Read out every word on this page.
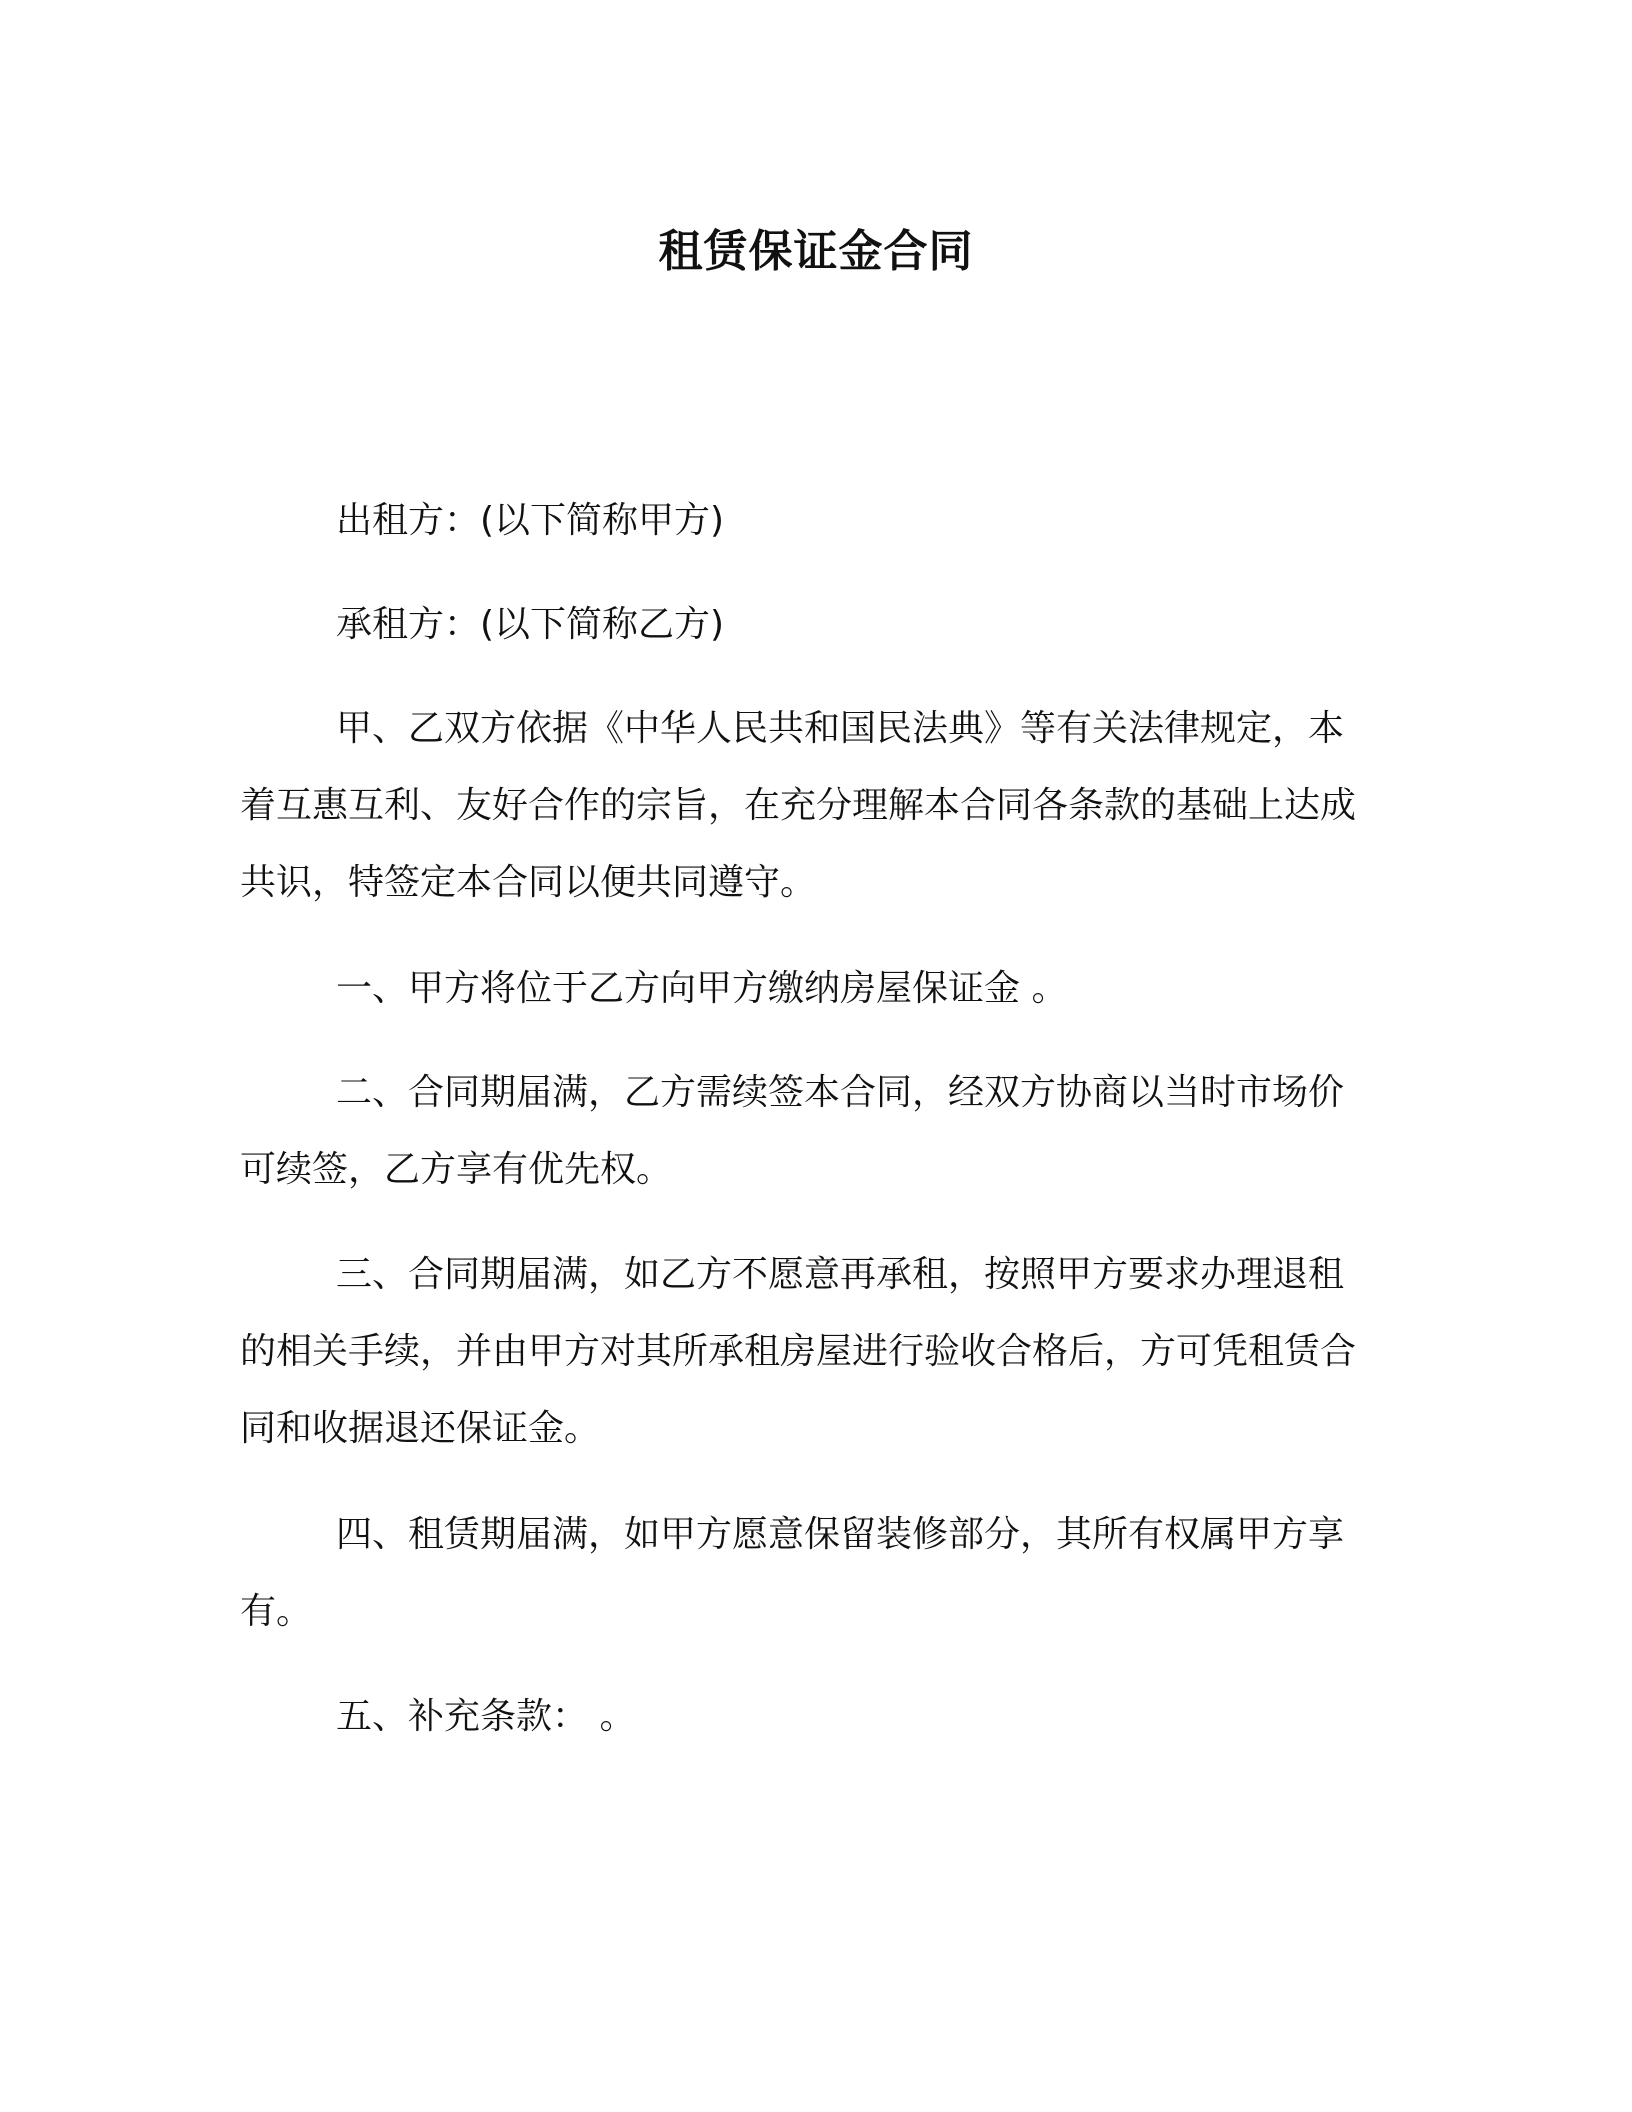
租赁保证金合同

出租方：(以下简称甲方)

承租方：(以下简称乙方)

甲、乙双方依据《中华人民共和国民法典》等有关法律规定，本着互惠互利、友好合作的宗旨，在充分理解本合同各条款的基础上达成共识，特签定本合同以便共同遵守。

一、甲方将位于乙方向甲方缴纳房屋保证金 。

二、合同期届满，乙方需续签本合同，经双方协商以当时市场价可续签，乙方享有优先权。

三、合同期届满，如乙方不愿意再承租，按照甲方要求办理退租的相关手续，并由甲方对其所承租房屋进行验收合格后，方可凭租赁合同和收据退还保证金。

四、租赁期届满，如甲方愿意保留装修部分，其所有权属甲方享有。

五、补充条款： 。
